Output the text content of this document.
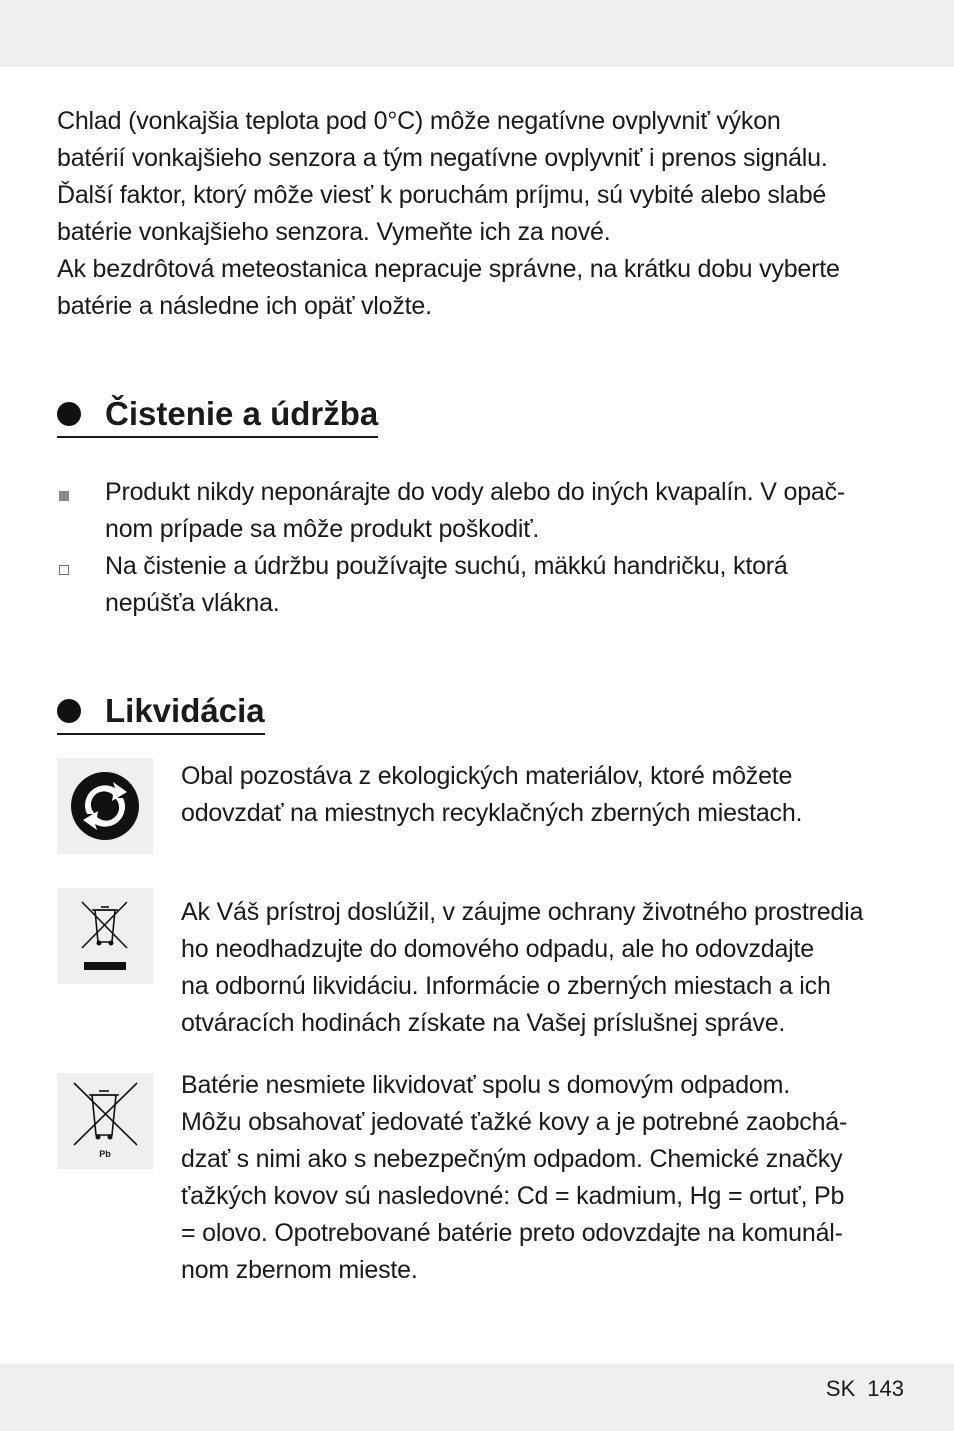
Chlad (vonkajšia teplota pod 0°C) môže negatívne ovplyvniť výkon

batérií vonkajšieho senzora a tým negatívne ovplyvniť i prenos signálu.

Ďalší faktor, ktorý môže viesť k poruchám príjmu, sú vybité alebo slabé

batérie vonkajšieho senzora. Vymeňte ich za nové.

Ak bezdrôtová meteostanica nepracuje správne, na krátku dobu vyberte

batérie a následne ich opäť vložte.

Čistenie a údržba
Produkt nikdy neponárajte do vody alebo do iných kvapalín. V opač-
nom prípade sa môže produkt poškodiť.
Na čistenie a údržbu používajte suchú, mäkkú handričku, ktorá
nepúšťa vlákna.
Likvidácia

Obal pozostáva z ekologických materiálov, ktoré môžete

odovzdať na miestnych recyklačných zberných miestach.

Ak Váš prístroj doslúžil, v záujme ochrany životného prostredia

ho neodhadzujte do domového odpadu, ale ho odovzdajte

na odbornú likvidáciu. Informácie o zberných miestach a ich

otváracích hodinách získate na Vašej príslušnej správe.

Pb

Batérie nesmiete likvidovať spolu s domovým odpadom.

Môžu obsahovať jedovaté ťažké kovy a je potrebné zaobchá-

dzať s nimi ako s nebezpečným odpadom. Chemické značky

ťažkých kovov sú nasledovné: Cd = kadmium, Hg = ortuť, Pb

= olovo. Opotrebované batérie preto odovzdajte na komunál-

nom zbernom mieste.

SK 143
